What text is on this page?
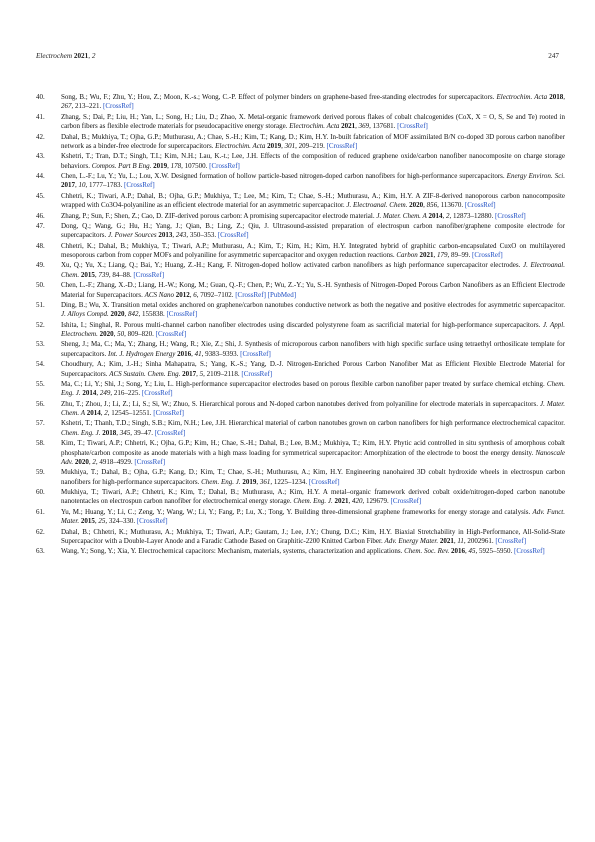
Electrochem 2021, 2	247
40. Song, B.; Wu, F.; Zhu, Y.; Hou, Z.; Moon, K.-s.; Wong, C.-P. Effect of polymer binders on graphene-based free-standing electrodes for supercapacitors. Electrochim. Acta 2018, 267, 213–221. [CrossRef]
41. Zhang, S.; Dai, P.; Liu, H.; Yan, L.; Song, H.; Liu, D.; Zhao, X. Metal-organic framework derived porous flakes of cobalt chalcogenides (CoX, X = O, S, Se and Te) rooted in carbon fibers as flexible electrode materials for pseudocapacitive energy storage. Electrochim. Acta 2021, 369, 137681. [CrossRef]
42. Dahal, B.; Mukhiya, T.; Ojha, G.P.; Muthurasu, A.; Chae, S.-H.; Kim, T.; Kang, D.; Kim, H.Y. In-built fabrication of MOF assimilated B/N co-doped 3D porous carbon nanofiber network as a binder-free electrode for supercapacitors. Electrochim. Acta 2019, 301, 209–219. [CrossRef]
43. Kshetri, T.; Tran, D.T.; Singh, T.I.; Kim, N.H.; Lau, K.-t.; Lee, J.H. Effects of the composition of reduced graphene oxide/carbon nanofiber nanocomposite on charge storage behaviors. Compos. Part B Eng. 2019, 178, 107500. [CrossRef]
44. Chen, L.-F.; Lu, Y.; Yu, L.; Lou, X.W. Designed formation of hollow particle-based nitrogen-doped carbon nanofibers for high-performance supercapacitors. Energy Environ. Sci. 2017, 10, 1777–1783. [CrossRef]
45. Chhetri, K.; Tiwari, A.P.; Dahal, B.; Ojha, G.P.; Mukhiya, T.; Lee, M.; Kim, T.; Chae, S.-H.; Muthurasu, A.; Kim, H.Y. A ZIF-8-derived nanoporous carbon nanocomposite wrapped with Co3O4-polyaniline as an efficient electrode material for an asymmetric supercapacitor. J. Electroanal. Chem. 2020, 856, 113670. [CrossRef]
46. Zhang, P.; Sun, F.; Shen, Z.; Cao, D. ZIF-derived porous carbon: A promising supercapacitor electrode material. J. Mater. Chem. A 2014, 2, 12873–12880. [CrossRef]
47. Dong, Q.; Wang, G.; Hu, H.; Yang, J.; Qian, B.; Ling, Z.; Qiu, J. Ultrasound-assisted preparation of electrospun carbon nanofiber/graphene composite electrode for supercapacitors. J. Power Sources 2013, 243, 350–353. [CrossRef]
48. Chhetri, K.; Dahal, B.; Mukhiya, T.; Tiwari, A.P.; Muthurasu, A.; Kim, T.; Kim, H.; Kim, H.Y. Integrated hybrid of graphitic carbon-encapsulated CuxO on multilayered mesoporous carbon from copper MOFs and polyaniline for asymmetric supercapacitor and oxygen reduction reactions. Carbon 2021, 179, 89–99. [CrossRef]
49. Xu, Q.; Yu, X.; Liang, Q.; Bai, Y.; Huang, Z.-H.; Kang, F. Nitrogen-doped hollow activated carbon nanofibers as high performance supercapacitor electrodes. J. Electroanal. Chem. 2015, 739, 84–88. [CrossRef]
50. Chen, L.-F.; Zhang, X.-D.; Liang, H.-W.; Kong, M.; Guan, Q.-F.; Chen, P.; Wu, Z.-Y.; Yu, S.-H. Synthesis of Nitrogen-Doped Porous Carbon Nanofibers as an Efficient Electrode Material for Supercapacitors. ACS Nano 2012, 6, 7092–7102. [CrossRef] [PubMed]
51. Ding, B.; Wu, X. Transition metal oxides anchored on graphene/carbon nanotubes conductive network as both the negative and positive electrodes for asymmetric supercapacitor. J. Alloys Compd. 2020, 842, 155838. [CrossRef]
52. Ishita, I.; Singhal, R. Porous multi-channel carbon nanofiber electrodes using discarded polystyrene foam as sacrificial material for high-performance supercapacitors. J. Appl. Electrochem. 2020, 50, 809–820. [CrossRef]
53. Sheng, J.; Ma, C.; Ma, Y.; Zhang, H.; Wang, R.; Xie, Z.; Shi, J. Synthesis of microporous carbon nanofibers with high specific surface using tetraethyl orthosilicate template for supercapacitors. Int. J. Hydrogen Energy 2016, 41, 9383–9393. [CrossRef]
54. Choudhury, A.; Kim, J.-H.; Sinha Mahapatra, S.; Yang, K.-S.; Yang, D.-J. Nitrogen-Enriched Porous Carbon Nanofiber Mat as Efficient Flexible Electrode Material for Supercapacitors. ACS Sustain. Chem. Eng. 2017, 5, 2109–2118. [CrossRef]
55. Ma, C.; Li, Y.; Shi, J.; Song, Y.; Liu, L. High-performance supercapacitor electrodes based on porous flexible carbon nanofiber paper treated by surface chemical etching. Chem. Eng. J. 2014, 249, 216–225. [CrossRef]
56. Zhu, T.; Zhou, J.; Li, Z.; Li, S.; Si, W.; Zhuo, S. Hierarchical porous and N-doped carbon nanotubes derived from polyaniline for electrode materials in supercapacitors. J. Mater. Chem. A 2014, 2, 12545–12551. [CrossRef]
57. Kshetri, T.; Thanh, T.D.; Singh, S.B.; Kim, N.H.; Lee, J.H. Hierarchical material of carbon nanotubes grown on carbon nanofibers for high performance electrochemical capacitor. Chem. Eng. J. 2018, 345, 39–47. [CrossRef]
58. Kim, T.; Tiwari, A.P.; Chhetri, K.; Ojha, G.P.; Kim, H.; Chae, S.-H.; Dahal, B.; Lee, B.M.; Mukhiya, T.; Kim, H.Y. Phytic acid controlled in situ synthesis of amorphous cobalt phosphate/carbon composite as anode materials with a high mass loading for symmetrical supercapacitor: Amorphization of the electrode to boost the energy density. Nanoscale Adv. 2020, 2, 4918–4929. [CrossRef]
59. Mukhiya, T.; Dahal, B.; Ojha, G.P.; Kang, D.; Kim, T.; Chae, S.-H.; Muthurasu, A.; Kim, H.Y. Engineering nanohaired 3D cobalt hydroxide wheels in electrospun carbon nanofibers for high-performance supercapacitors. Chem. Eng. J. 2019, 361, 1225–1234. [CrossRef]
60. Mukhiya, T.; Tiwari, A.P.; Chhetri, K.; Kim, T.; Dahal, B.; Muthurasu, A.; Kim, H.Y. A metal–organic framework derived cobalt oxide/nitrogen-doped carbon nanotube nanotentacles on electrospun carbon nanofiber for electrochemical energy storage. Chem. Eng. J. 2021, 420, 129679. [CrossRef]
61. Yu, M.; Huang, Y.; Li, C.; Zeng, Y.; Wang, W.; Li, Y.; Fang, P.; Lu, X.; Tong, Y. Building three-dimensional graphene frameworks for energy storage and catalysis. Adv. Funct. Mater. 2015, 25, 324–330. [CrossRef]
62. Dahal, B.; Chhetri, K.; Muthurasu, A.; Mukhiya, T.; Tiwari, A.P.; Gautam, J.; Lee, J.Y.; Chung, D.C.; Kim, H.Y. Biaxial Stretchability in High-Performance, All-Solid-State Supercapacitor with a Double-Layer Anode and a Faradic Cathode Based on Graphitic-2200 Knitted Carbon Fiber. Adv. Energy Mater. 2021, 11, 2002961. [CrossRef]
63. Wang, Y.; Song, Y.; Xia, Y. Electrochemical capacitors: Mechanism, materials, systems, characterization and applications. Chem. Soc. Rev. 2016, 45, 5925–5950. [CrossRef]
